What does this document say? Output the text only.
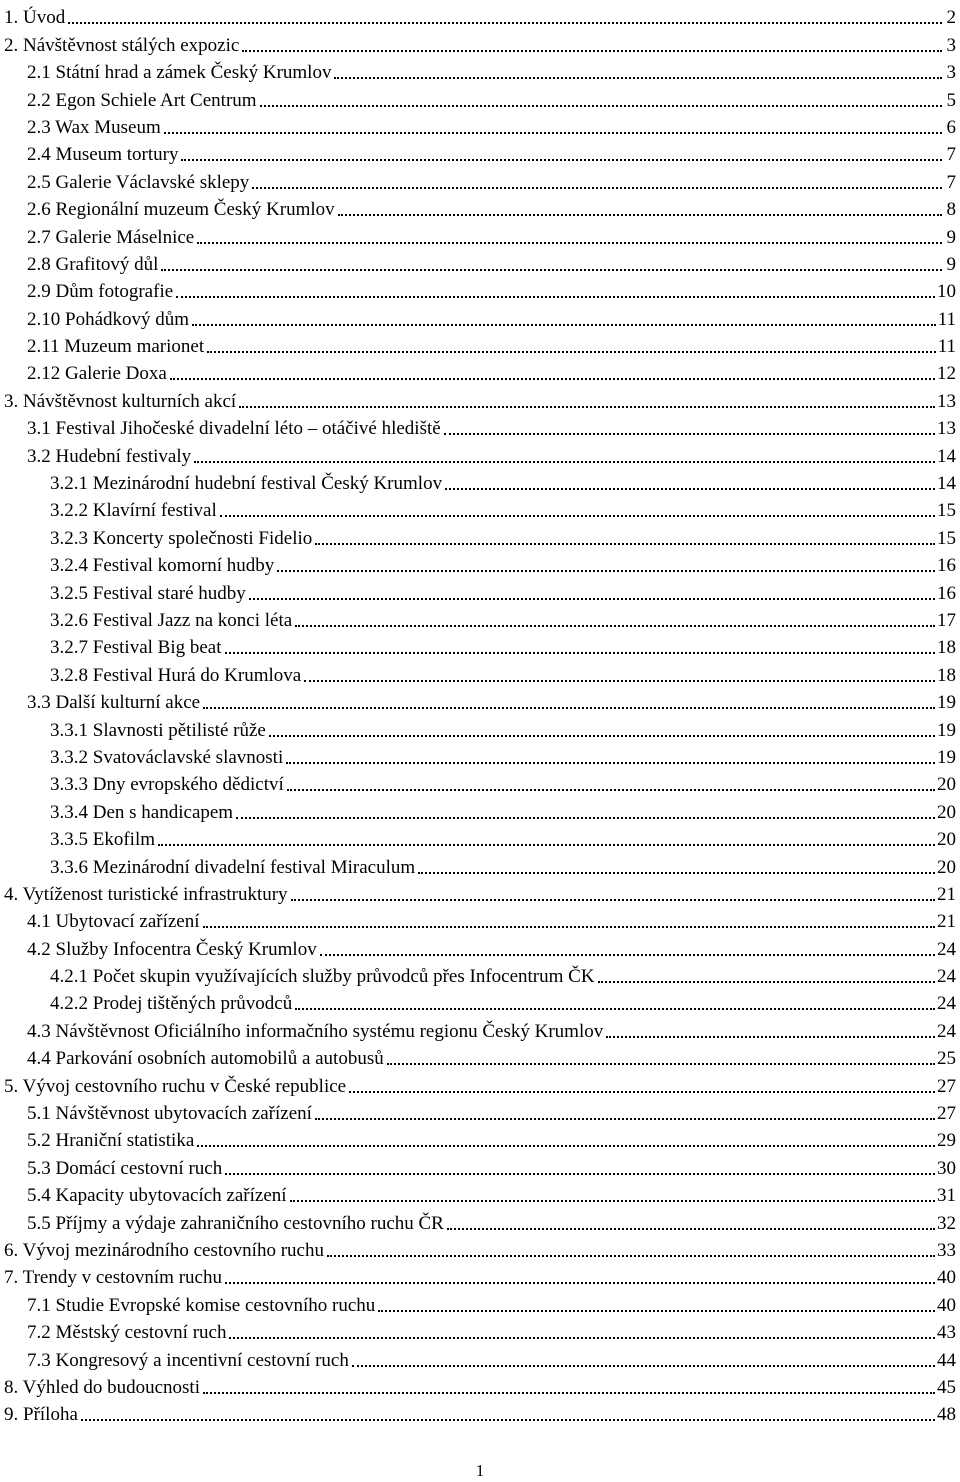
1. Úvod	2
2. Návštěvnost stálých expozic	3
2.1 Státní hrad a zámek Český Krumlov	3
2.2 Egon Schiele Art Centrum	5
2.3 Wax Museum	6
2.4 Museum tortury	7
2.5 Galerie Václavské sklepy	7
2.6 Regionální muzeum Český Krumlov	8
2.7 Galerie Máselnice	9
2.8 Grafitový důl	9
2.9 Dům fotografie	10
2.10 Pohádkový dům	11
2.11 Muzeum marionet	11
2.12 Galerie Doxa	12
3. Návštěvnost kulturních akcí	13
3.1 Festival Jihočeské divadelní léto – otáčivé hlediště	13
3.2 Hudební festivaly	14
3.2.1 Mezinárodní hudební festival Český Krumlov	14
3.2.2 Klavírní festival	15
3.2.3 Koncerty společnosti Fidelio	15
3.2.4 Festival komorní hudby	16
3.2.5 Festival staré hudby	16
3.2.6 Festival Jazz na konci léta	17
3.2.7 Festival Big beat	18
3.2.8 Festival Hurá do Krumlova	18
3.3 Další kulturní akce	19
3.3.1 Slavnosti pětilisté růže	19
3.3.2 Svatováclavské slavnosti	19
3.3.3 Dny evropského dědictví	20
3.3.4 Den s handicapem	20
3.3.5 Ekofilm	20
3.3.6 Mezinárodní divadelní festival Miraculum	20
4. Vytíženost turistické infrastruktury	21
4.1 Ubytovací zařízení	21
4.2 Služby Infocentra Český Krumlov	24
4.2.1 Počet skupin využívajících služby průvodců přes Infocentrum ČK	24
4.2.2 Prodej tištěných průvodců	24
4.3 Návštěvnost Oficiálního informačního systému regionu Český Krumlov	24
4.4 Parkování osobních automobilů a autobusů	25
5. Vývoj cestovního ruchu v České republice	27
5.1 Návštěvnost ubytovacích zařízení	27
5.2 Hraniční statistika	29
5.3 Domácí cestovní ruch	30
5.4 Kapacity ubytovacích zařízení	31
5.5 Příjmy a výdaje zahraničního cestovního ruchu ČR	32
6. Vývoj mezinárodního cestovního ruchu	33
7. Trendy v cestovním ruchu	40
7.1 Studie Evropské komise cestovního ruchu	40
7.2 Městský cestovní ruch	43
7.3 Kongresový a incentivní cestovní ruch	44
8. Výhled do budoucnosti	45
9. Příloha	48
1
